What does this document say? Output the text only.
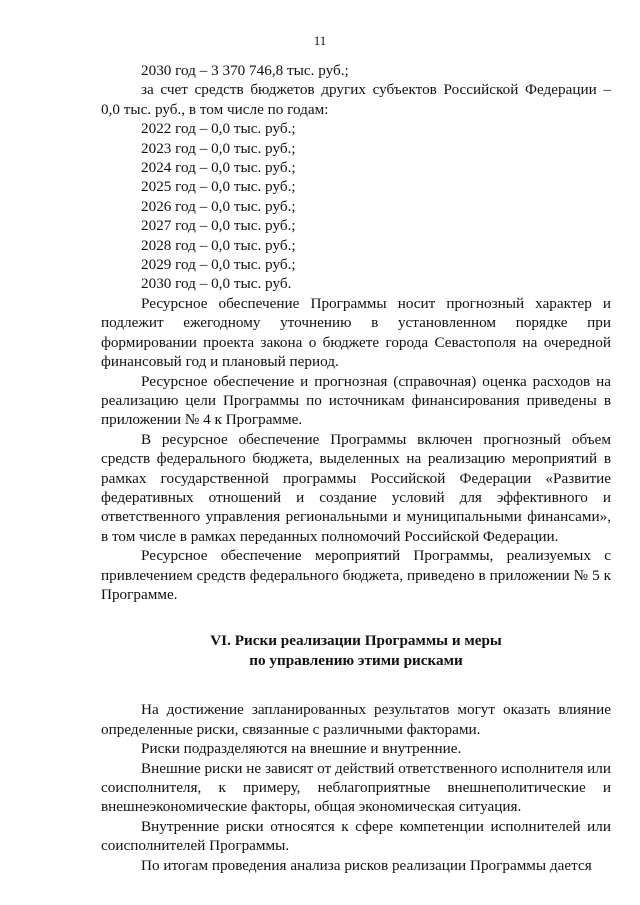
11
2030 год – 3 370 746,8 тыс. руб.;
за счет средств бюджетов других субъектов Российской Федерации –
0,0 тыс. руб., в том числе по годам:
2022 год – 0,0 тыс. руб.;
2023 год – 0,0 тыс. руб.;
2024 год – 0,0 тыс. руб.;
2025 год – 0,0 тыс. руб.;
2026 год – 0,0 тыс. руб.;
2027 год – 0,0 тыс. руб.;
2028 год – 0,0 тыс. руб.;
2029 год – 0,0 тыс. руб.;
2030 год – 0,0 тыс. руб.

Ресурсное обеспечение Программы носит прогнозный характер и подлежит ежегодному уточнению в установленном порядке при формировании проекта закона о бюджете города Севастополя на очередной финансовый год и плановый период.

Ресурсное обеспечение и прогнозная (справочная) оценка расходов на реализацию цели Программы по источникам финансирования приведены в приложении № 4 к Программе.

В ресурсное обеспечение Программы включен прогнозный объем средств федерального бюджета, выделенных на реализацию мероприятий в рамках государственной программы Российской Федерации «Развитие федеративных отношений и создание условий для эффективного и ответственного управления региональными и муниципальными финансами», в том числе в рамках переданных полномочий Российской Федерации.

Ресурсное обеспечение мероприятий Программы, реализуемых с привлечением средств федерального бюджета, приведено в приложении № 5 к Программе.

VI. Риски реализации Программы и меры
по управлению этими рисками

На достижение запланированных результатов могут оказать влияние определенные риски, связанные с различными факторами.

Риски подразделяются на внешние и внутренние.

Внешние риски не зависят от действий ответственного исполнителя или соисполнителя, к примеру, неблагоприятные внешнеполитические и внешнеэкономические факторы, общая экономическая ситуация.

Внутренние риски относятся к сфере компетенции исполнителей или соисполнителей Программы.

По итогам проведения анализа рисков реализации Программы дается
